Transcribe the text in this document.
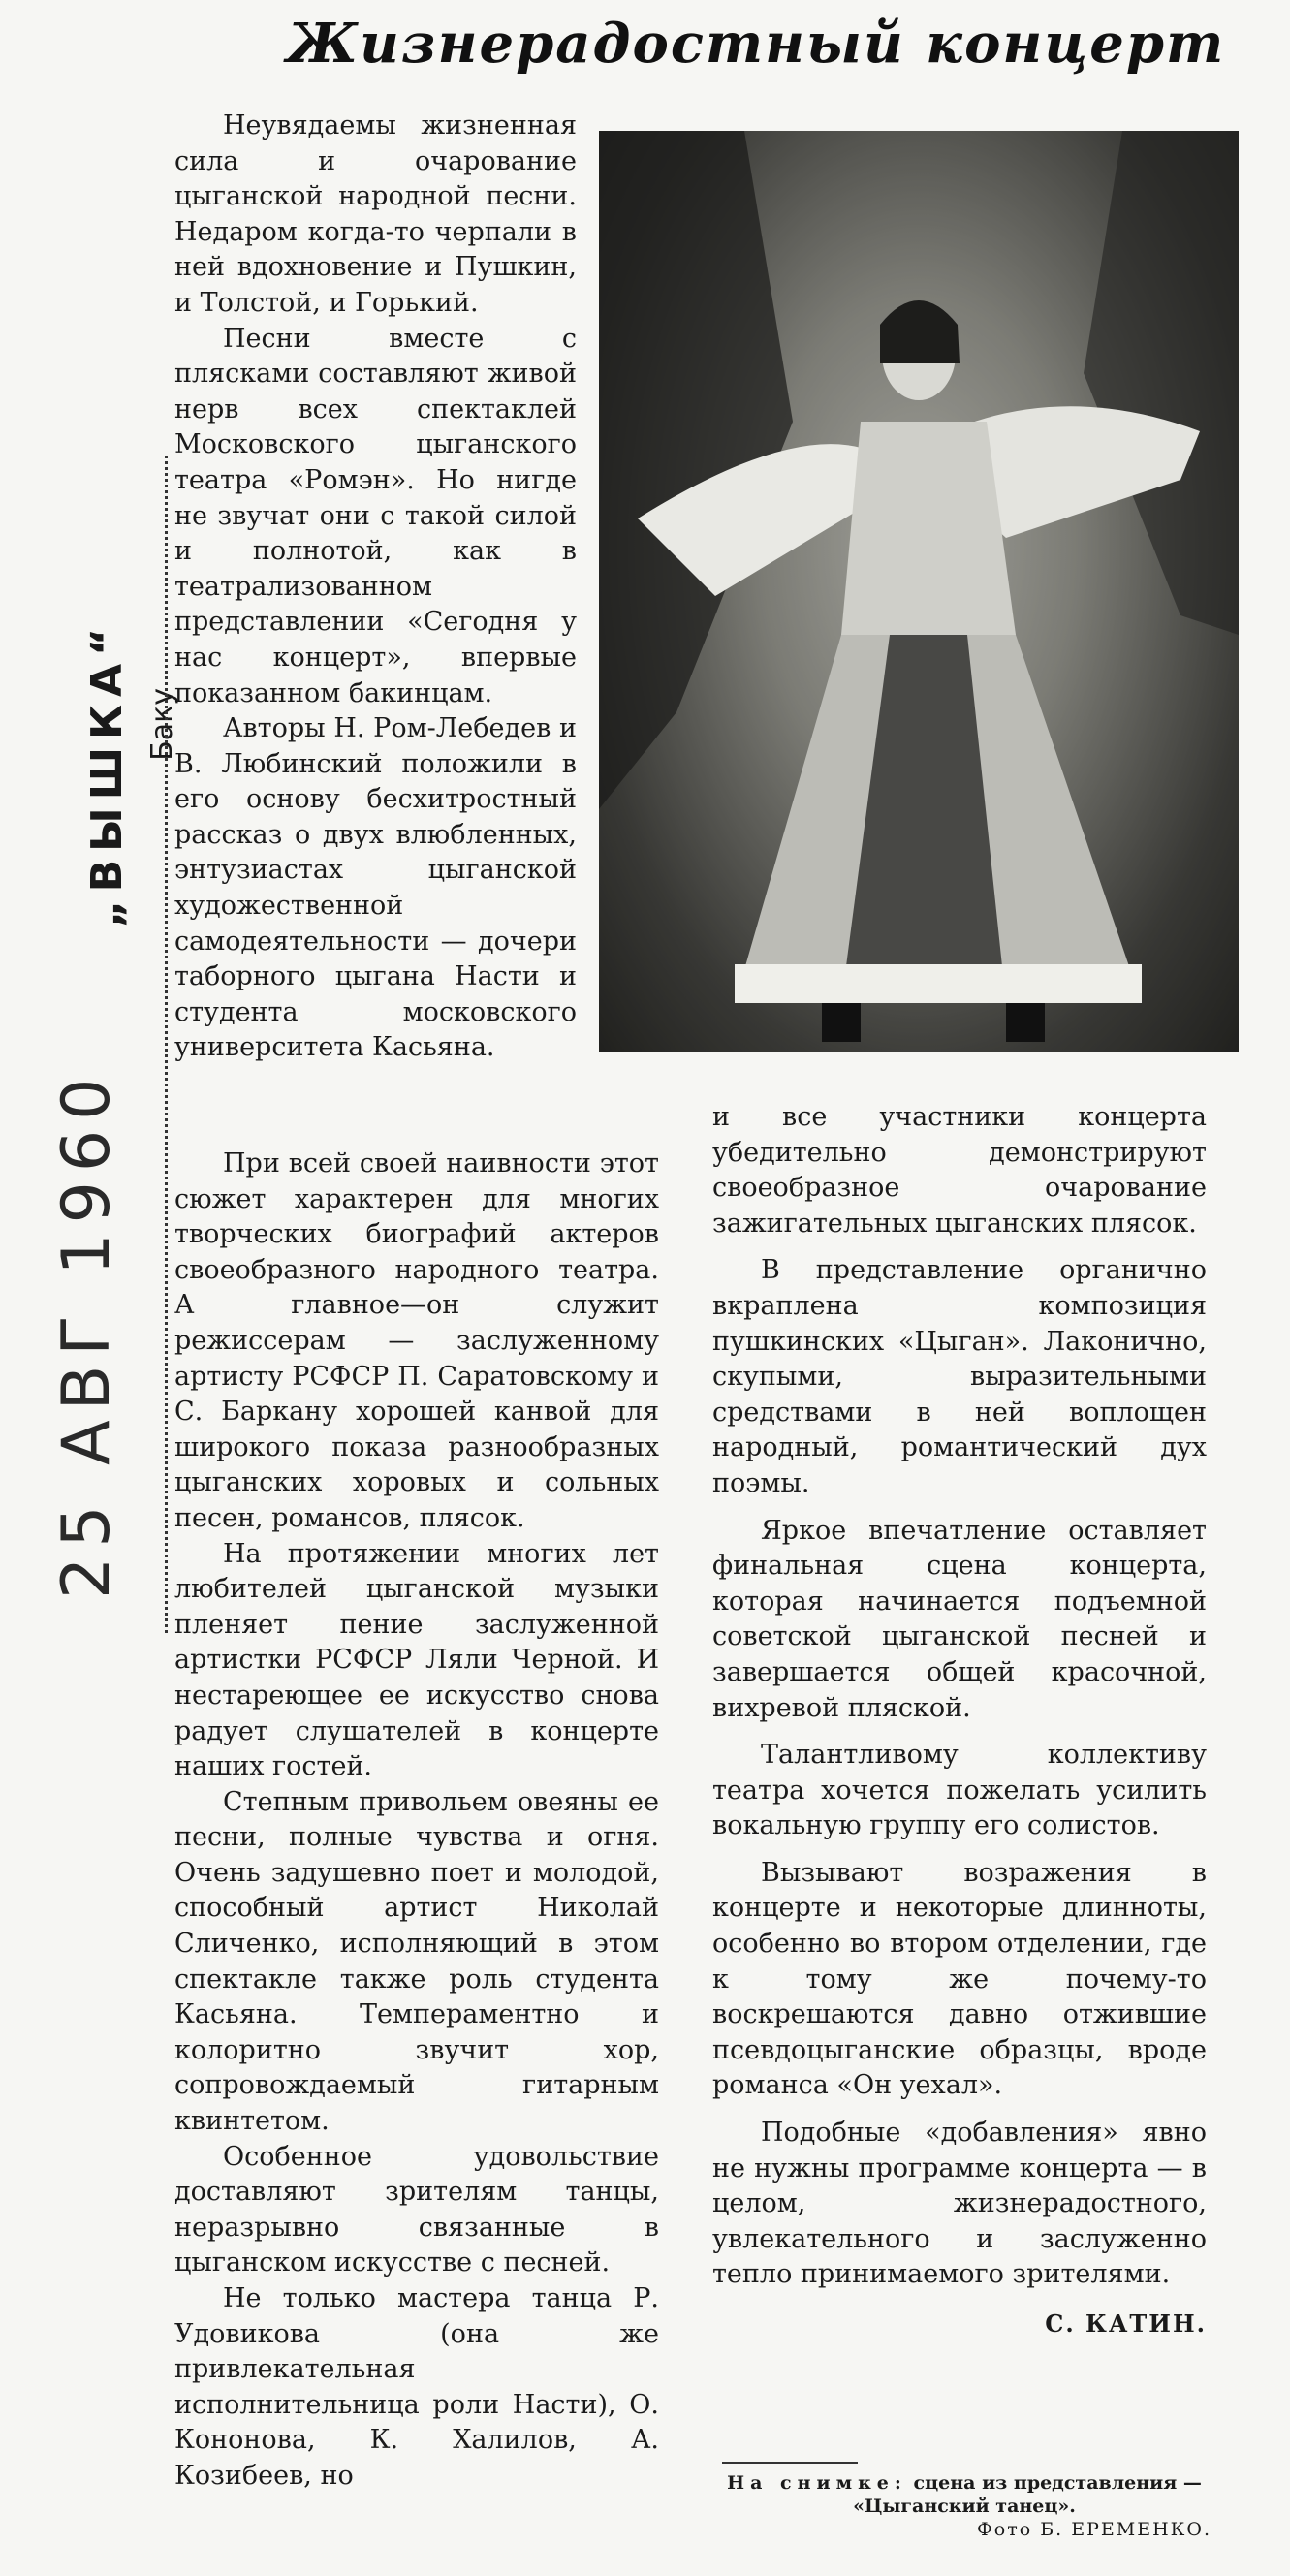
Жизнерадостный концерт
„ВЫШКА“ Баку
25 АВГ 1960

Неувядаемы жизненная сила и очарование цыганской народной песни. Недаром когда-то черпали в ней вдохновение и Пушкин, и Толстой, и Горький.

Песни вместе с плясками составляют живой нерв всех спектаклей Московского цыганского театра «Ромэн». Но нигде не звучат они с такой силой и полнотой, как в театрализованном представлении «Сегодня у нас концерт», впервые показанном бакинцам.

Авторы Н. Ром-Лебедев и В. Любинский положили в его основу бесхитростный рассказ о двух влюбленных, энтузиастах цыганской художественной самодеятельности — дочери таборного цыгана Насти и студента московского университета Касьяна.

При всей своей наивности этот сюжет характерен для многих творческих биографий актеров своеобразного народного театра. А главное—он служит режиссерам — заслуженному артисту РСФСР П. Саратовскому и С. Баркану хорошей канвой для широкого показа разнообразных цыганских хоровых и сольных песен, романсов, плясок.

На протяжении многих лет любителей цыганской музыки пленяет пение заслуженной артистки РСФСР Ляли Черной. И нестареющее ее искусство снова радует слушателей в концерте наших гостей.

Степным привольем овеяны ее песни, полные чувства и огня. Очень задушевно поет и молодой, способный артист Николай Сличенко, исполняющий в этом спектакле также роль студента Касьяна. Темпераментно и колоритно звучит хор, сопровождаемый гитарным квинтетом.

Особенное удовольствие доставляют зрителям танцы, неразрывно связанные в цыганском искусстве с песней.

Не только мастера танца Р. Удовикова (она же привлекательная исполнительница роли Насти), О. Кононова, К. Халилов, А. Козибеев, но

и все участники концерта убедительно демонстрируют своеобразное очарование зажигательных цыганских плясок.

В представление органично вкраплена композиция пушкинских «Цыган». Лаконично, скупыми, выразительными средствами в ней воплощен народный, романтический дух поэмы.

Яркое впечатление оставляет финальная сцена концерта, которая начинается подъемной советской цыганской песней и завершается общей красочной, вихревой пляской.

Талантливому коллективу театра хочется пожелать усилить вокальную группу его солистов.

Вызывают возражения в концерте и некоторые длинноты, особенно во втором отделении, где к тому же почему-то воскрешаются давно отжившие псевдоцыганские образцы, вроде романса «Он уехал».

Подобные «добавления» явно не нужны программе концерта — в целом, жизнерадостного, увлекательного и заслуженно тепло принимаемого зрителями.

С. КАТИН.
На снимке: сцена из представления — «Цыганский танец».
Фото Б. ЕРЕМЕНКО.
